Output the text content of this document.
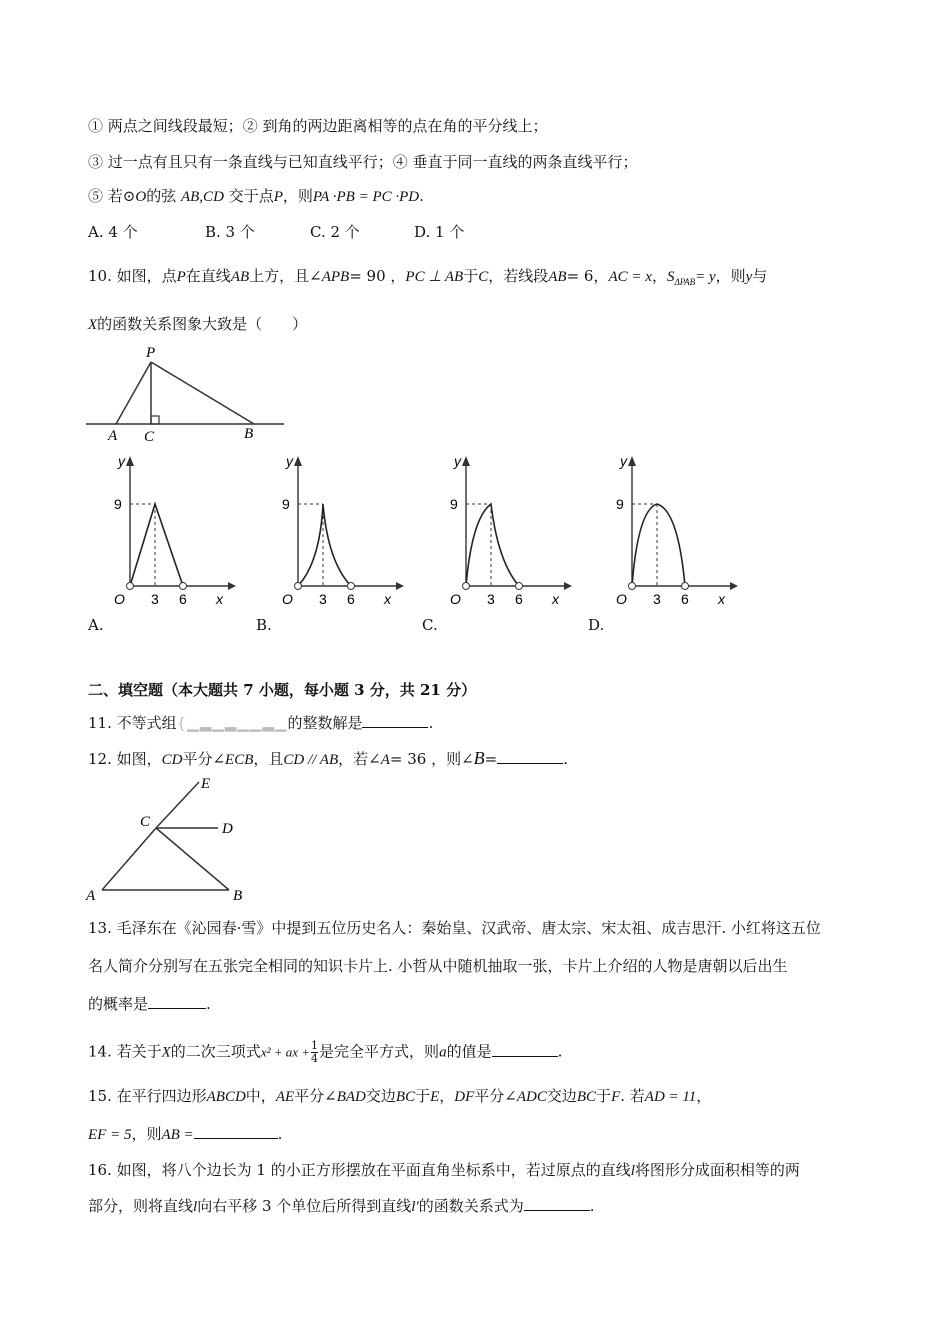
① 两点之间线段最短；② 到角的两边距离相等的点在角的平分线上；
③ 过一点有且只有一条直线与已知直线平行；④ 垂直于同一直线的两条直线平行；
⑤ 若⊙O的弦 AB,CD 交于点P，则PA ·PB = PC ·PD.
A. 4 个	B. 3 个	C. 2 个	D. 1 个
10. 如图，点P在直线AB上方，且∠APB= 90 ，PC ⊥ AB于C，若线段AB= 6，AC = x，$S_{\Delta PAB}= y$，则y与
X的函数关系图象大致是（　　）
P
A C	B
y
9
O 3 6 x
y
9
O 3 6 x
y
9
O 3 6 x
y
9
O 3 6 x
A.	B.	C.	D.
二、填空题（本大题共 7 小题，每小题 3 分，共 21 分）
11. 不等式组{▁▂▁▂▁▁▂▁的整数解是	.
12. 如图，CD平分∠ECB，且CD // AB，若∠A= 36 ，则∠B=	.
E
C	D
A	B
13. 毛泽东在《沁园春·雪》中提到五位历史名人：秦始皇、汉武帝、唐太宗、宋太祖、成吉思汗. 小红将这五位
名人简介分别写在五张完全相同的知识卡片上. 小哲从中随机抽取一张，卡片上介绍的人物是唐朝以后出生
的概率是	.
14. 若关于X的二次三项式x² + ax + $\frac{1}{4}$ 是完全平方式，则a的值是	.
15. 在平行四边形ABCD中，AE平分∠BAD交边BC于E，DF平分∠ADC交边BC于F. 若AD = 11，
EF = 5，则AB =	.
16. 如图，将八个边长为 1 的小正方形摆放在平面直角坐标系中，若过原点的直线l将图形分成面积相等的两
部分，则将直线l向右平移 3 个单位后所得到直线l′的函数关系式为	.
